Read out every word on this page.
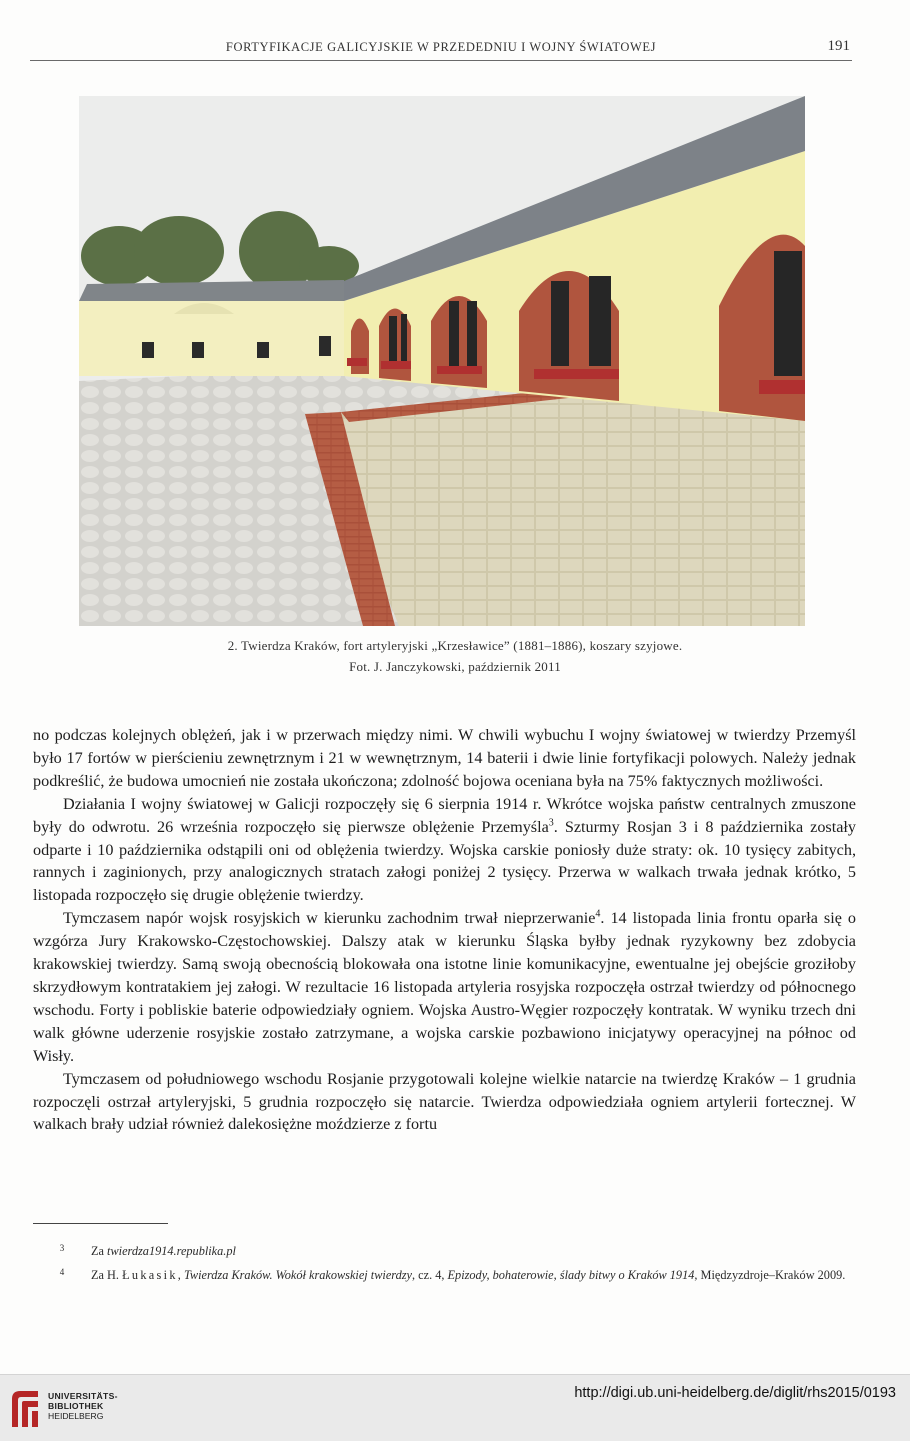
FORTYFIKACJE GALICYJSKIE W PRZEDEDNIU I WOJNY ŚWIATOWEJ	191
2. Twierdza Kraków, fort artyleryjski „Krzesławice” (1881–1886), koszary szyjowe.
Fot. J. Janczykowski, październik 2011

no podczas kolejnych oblężeń, jak i w przerwach między nimi. W chwili wybuchu I wojny światowej w twierdzy Przemyśl było 17 fortów w pierścieniu zewnętrznym i 21 w wewnętrznym, 14 baterii i dwie linie fortyfikacji polowych. Należy jednak podkreślić, że budowa umocnień nie została ukończona; zdolność bojowa oceniana była na 75% faktycznych możliwości.

Działania I wojny światowej w Galicji rozpoczęły się 6 sierpnia 1914 r. Wkrótce wojska państw centralnych zmuszone były do odwrotu. 26 września rozpoczęło się pierwsze oblężenie Przemyśla$^3$. Szturmy Rosjan 3 i 8 października zostały odparte i 10 października odstąpili oni od oblężenia twierdzy. Wojska carskie poniosły duże straty: ok. 10 tysięcy zabitych, rannych i zaginionych, przy analogicznych stratach załogi poniżej 2 tysięcy. Przerwa w walkach trwała jednak krótko, 5 listopada rozpoczęło się drugie oblężenie twierdzy.

Tymczasem napór wojsk rosyjskich w kierunku zachodnim trwał nieprzerwanie$^4$. 14 listopada linia frontu oparła się o wzgórza Jury Krakowsko-Częstochowskiej. Dalszy atak w kierunku Śląska byłby jednak ryzykowny bez zdobycia krakowskiej twierdzy. Samą swoją obecnością blokowała ona istotne linie komunikacyjne, ewentualne jej obejście groziłoby skrzydłowym kontratakiem jej załogi. W rezultacie 16 listopada artyleria rosyjska rozpoczęła ostrzał twierdzy od północnego wschodu. Forty i pobliskie baterie odpowiedziały ogniem. Wojska Austro-Węgier rozpoczęły kontratak. W wyniku trzech dni walk główne uderzenie rosyjskie zostało zatrzymane, a wojska carskie pozbawiono inicjatywy operacyjnej na północ od Wisły.

Tymczasem od południowego wschodu Rosjanie przygotowali kolejne wielkie natarcie na twierdzę Kraków – 1 grudnia rozpoczęli ostrzał artyleryjski, 5 grudnia rozpoczęło się natarcie. Twierdza odpowiedziała ogniem artylerii fortecznej. W walkach brały udział również dalekosiężne moździerze z fortu

3 Za twierdza1914.republika.pl

4 Za H. Łukasik, Twierdza Kraków. Wokół krakowskiej twierdzy, cz. 4, Epizody, bohaterowie, ślady bitwy o Kraków 1914, Międzyzdroje–Kraków 2009.

UNIVERSITÄTS-
BIBLIOTHEK
HEIDELBERG
http://digi.ub.uni-heidelberg.de/diglit/rhs2015/0193
